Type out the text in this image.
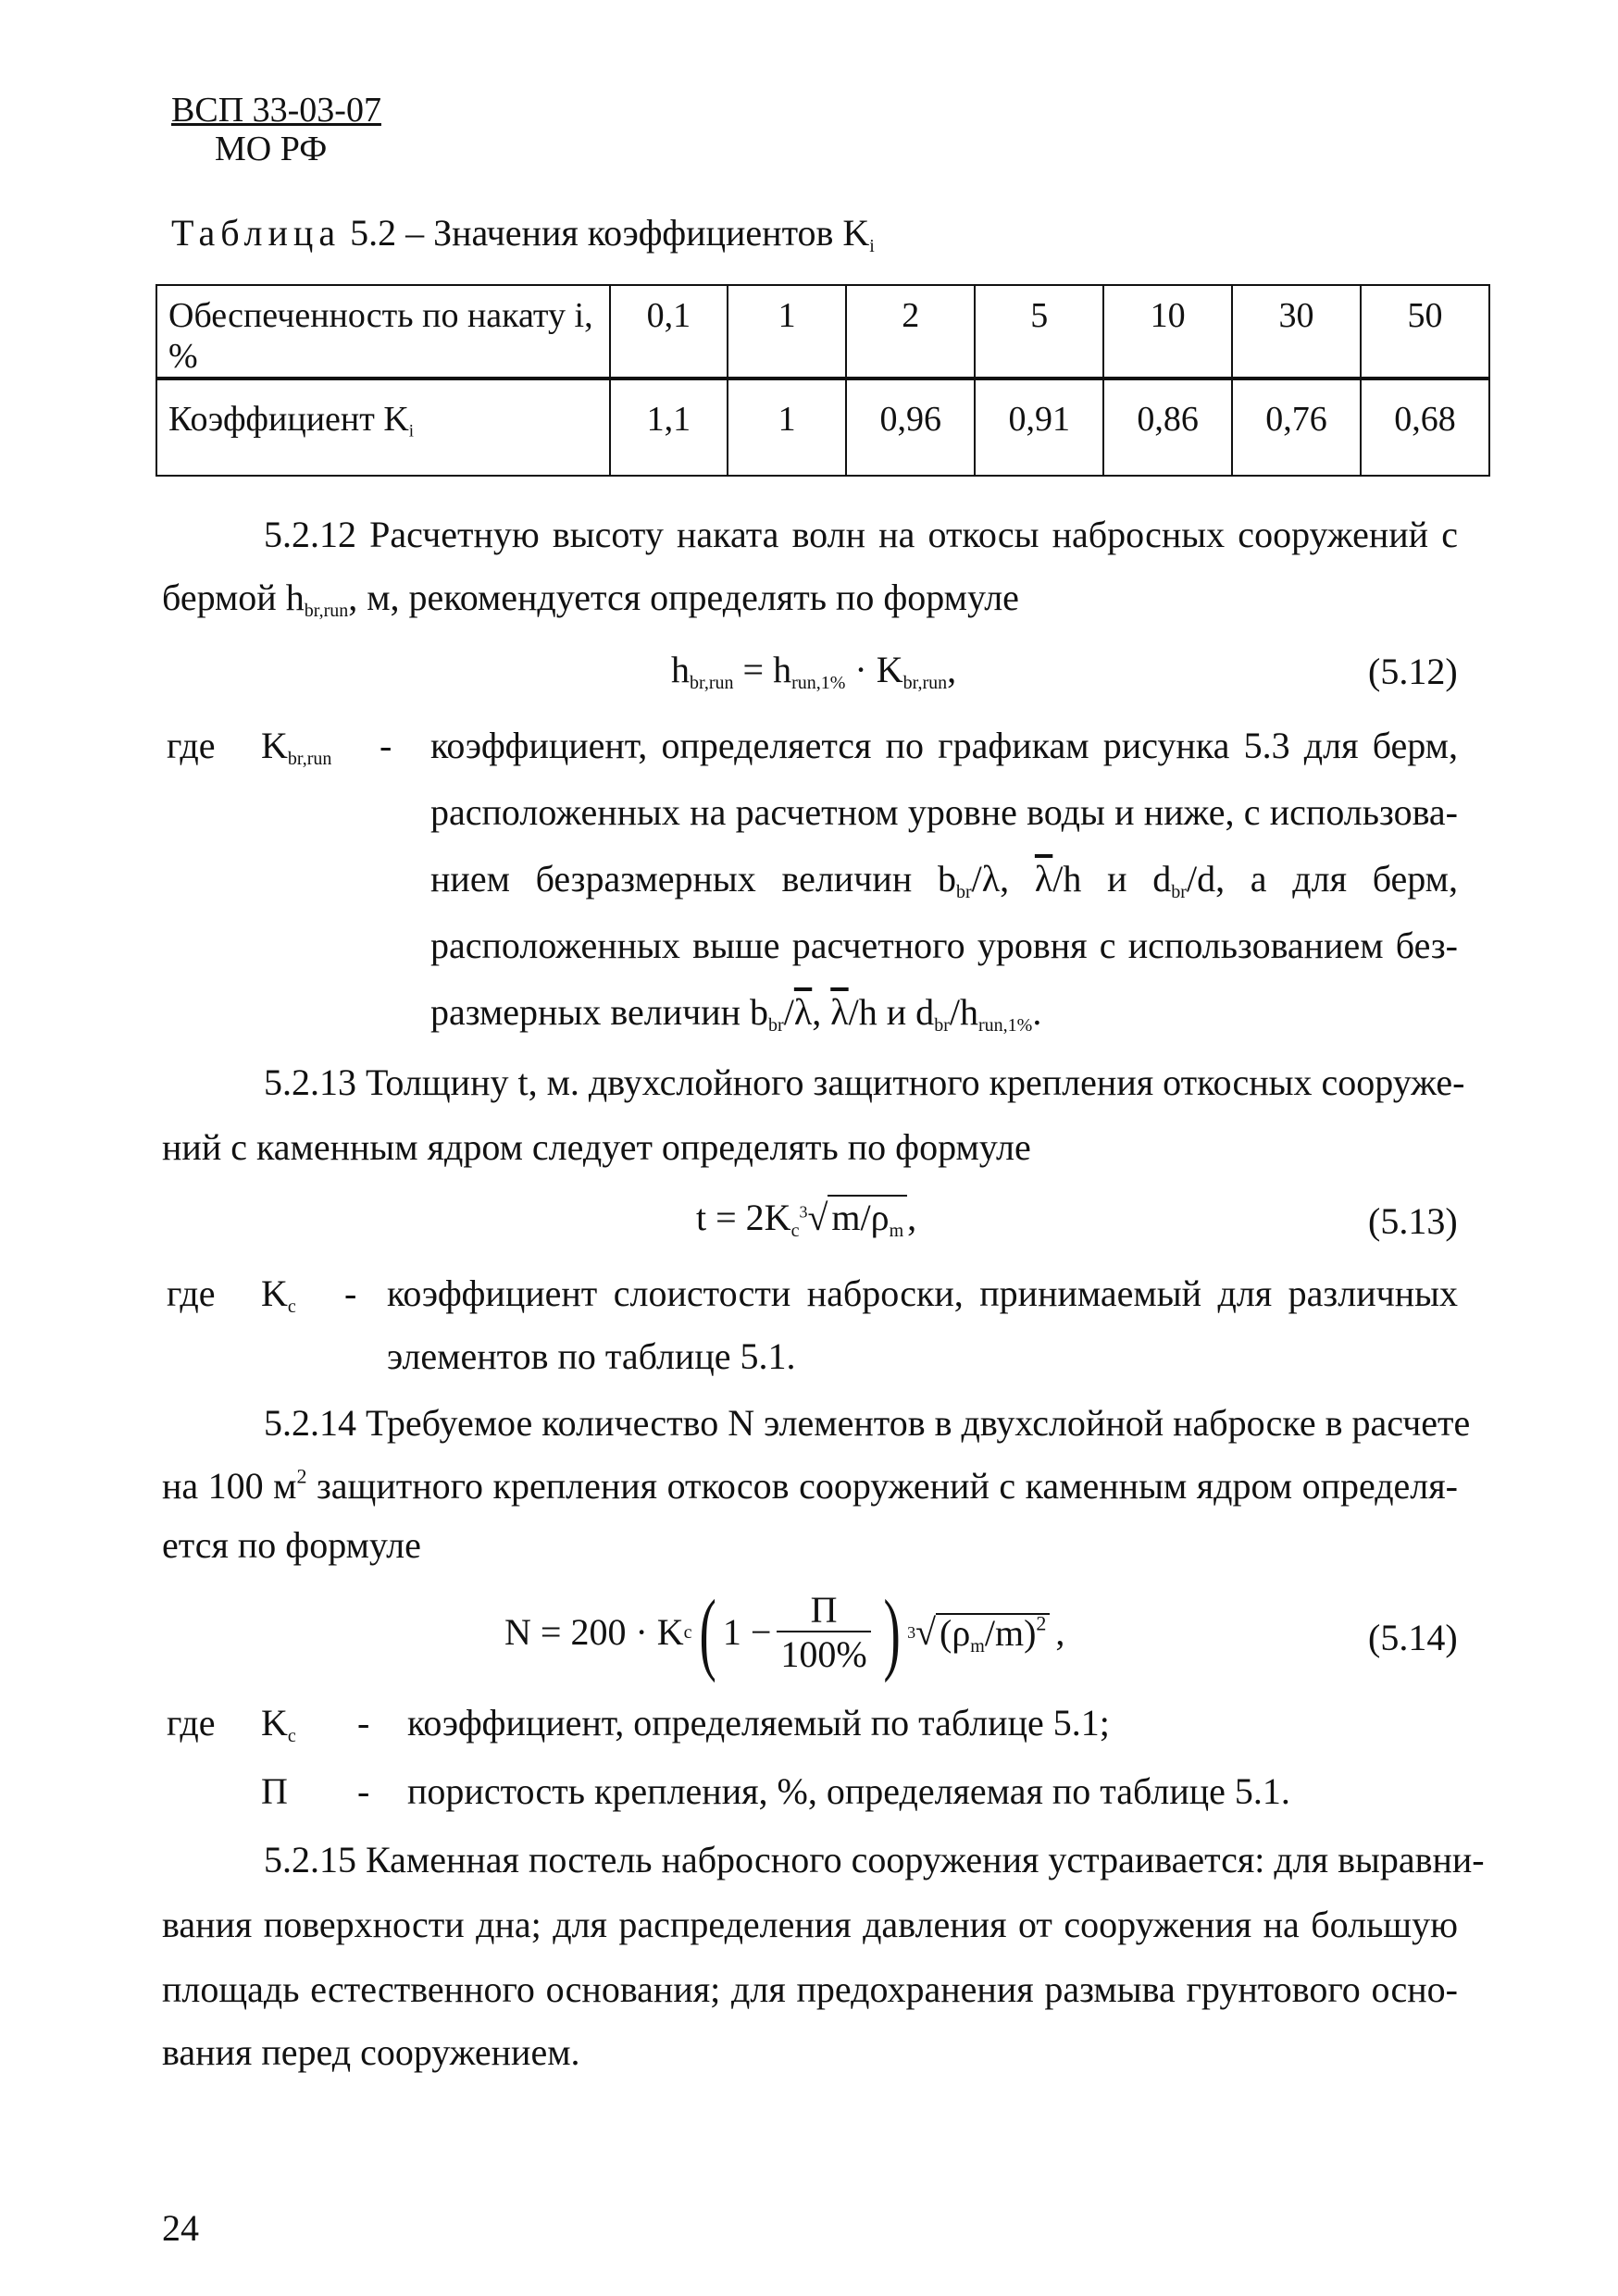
ВСП 33-03-07
МО РФ
Таблица 5.2 – Значения коэффициентов $K_i$
Обеспеченность по накату i, %	0,1	1	2	5	10	30	50
Коэффициент $K_i$	1,1	1	0,96	0,91	0,86	0,76	0,68
5.2.12 Расчетную высоту наката волн на откосы набросных сооружений с
бермой $h_{br,run}$, м, рекомендуется определять по формуле
$h_{br,run} = h_{run,1\%} \cdot K_{br,run}$,	(5.12)
где $K_{br,run}$ - коэффициент, определяется по графикам рисунка 5.3 для берм,
расположенных на расчетном уровне воды и ниже, с использова-
нием безразмерных величин $b_{br}/\lambda$, $\overline{\lambda}/h$ и $d_{br}/d$, а для берм,
расположенных выше расчетного уровня с использованием без-
размерных величин $b_{br}/\overline{\lambda}$, $\overline{\lambda}/h$ и $d_{br}/h_{run,1\%}$.
5.2.13 Толщину t, м. двухслойного защитного крепления откосных сооруже-
ний с каменным ядром следует определять по формуле
$t = 2K_c^3√$ $m/\rho_m$ ,	(5.13)
где $K_c$ - коэффициент слоистости наброски, принимаемый для различных
элементов по таблице 5.1.
5.2.14 Требуемое количество N элементов в двухслойной наброске в расчете
на 100 $м^2$ защитного крепления откосов сооружений с каменным ядром определя-
ется по формуле
N = 200 · K c ( $1 - \frac{П}{100\%}$ ) 3 √ $(\rho_m/m)^2$ ,	(5.14)
где $K_c$ - коэффициент, определяемый по таблице 5.1;
П - пористость крепления, %, определяемая по таблице 5.1.
5.2.15 Каменная постель набросного сооружения устраивается: для выравни-
вания поверхности дна; для распределения давления от сооружения на большую
площадь естественного основания; для предохранения размыва грунтового осно-
вания перед сооружением.
24
